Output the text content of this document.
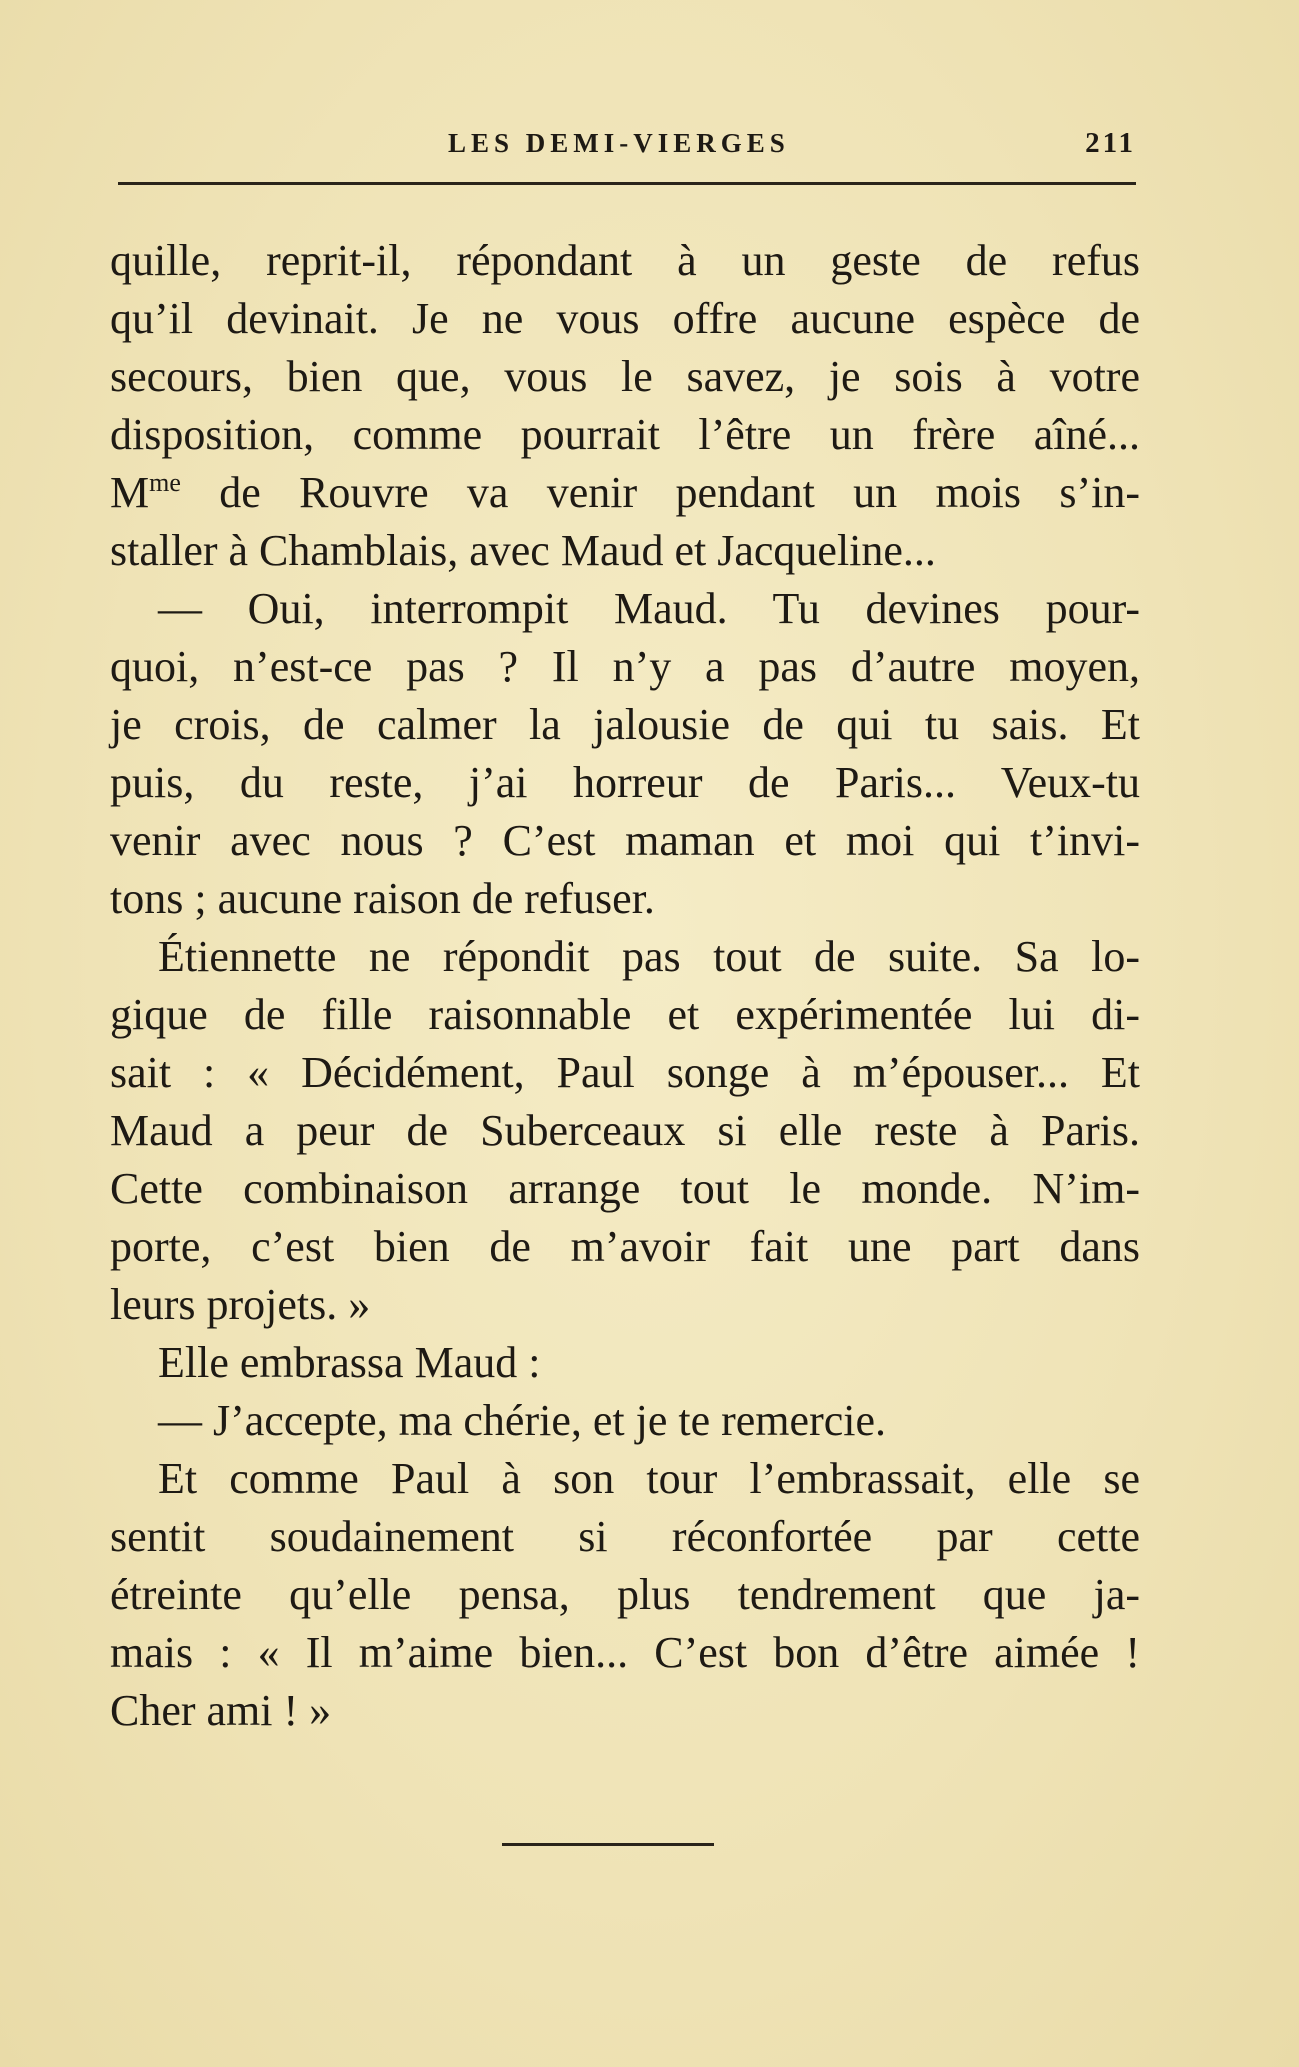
LES DEMI-VIERGES	211
quille, reprit-il, répondant à un geste de refus
qu’il devinait. Je ne vous offre aucune espèce de
secours, bien que, vous le savez, je sois à votre
disposition, comme pourrait l’être un frère aîné...
$M^{me}$ de Rouvre va venir pendant un mois s’in-
staller à Chamblais, avec Maud et Jacqueline...
— Oui, interrompit Maud. Tu devines pour-
quoi, n’est-ce pas ? Il n’y a pas d’autre moyen,
je crois, de calmer la jalousie de qui tu sais. Et
puis, du reste, j’ai horreur de Paris... Veux-tu
venir avec nous ? C’est maman et moi qui t’invi-
tons ; aucune raison de refuser.
Étiennette ne répondit pas tout de suite. Sa lo-
gique de fille raisonnable et expérimentée lui di-
sait : « Décidément, Paul songe à m’épouser... Et
Maud a peur de Suberceaux si elle reste à Paris.
Cette combinaison arrange tout le monde. N’im-
porte, c’est bien de m’avoir fait une part dans
leurs projets. »
Elle embrassa Maud :
— J’accepte, ma chérie, et je te remercie.
Et comme Paul à son tour l’embrassait, elle se
sentit soudainement si réconfortée par cette
étreinte qu’elle pensa, plus tendrement que ja-
mais : « Il m’aime bien... C’est bon d’être aimée !
Cher ami ! »
